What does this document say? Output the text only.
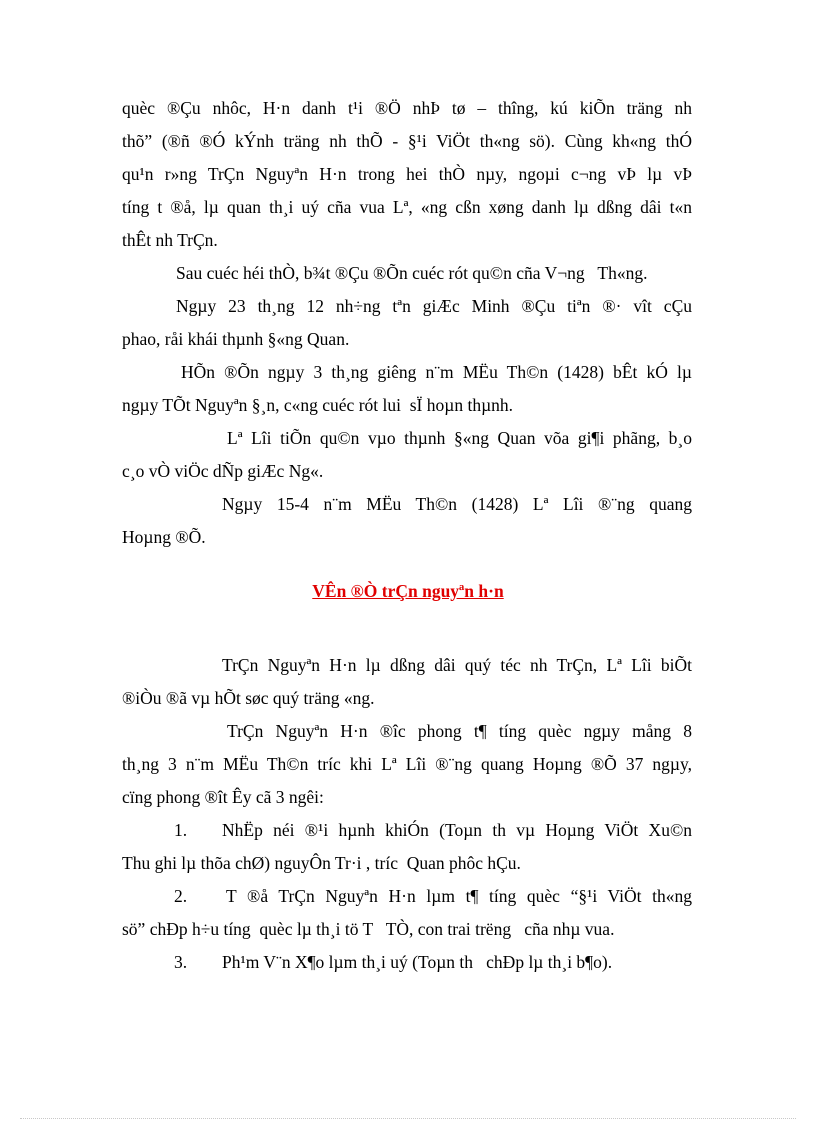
quèc ®Çu nhôc, H·n danh t¹i ®Ö nhÞ tø – thîng, kú kiÕn träng nh
thõ” (®ñ ®Ó kÝnh träng nh thÕ - §¹i ViÖt th«ng sö). Cùng kh«ng thÓ
qu¹n r»ng TrÇn Nguyªn H·n trong hei thÒ nµy, ngoµi c¬ng vÞ lµ vÞ
tíng t ®å, lµ quan th¸i uý cña vua Lª, «ng cßn xøng danh lµ dßng dâi t«n
thÊt nh TrÇn.
Sau cuéc héi thÒ, b¾t ®Çu ®Õn cuéc rót qu©n cña V¬ng   Th«ng.
Ngµy 23 th¸ng 12 nh÷ng tªn giÆc Minh ®Çu tiªn ®· vît cÇu
phao, råi khái thµnh §«ng Quan.
HÕn ®Õn ngµy 3 th¸ng giêng n¨m MËu Th©n (1428) bÊt kÓ lµ
ngµy TÕt Nguyªn §¸n, c«ng cuéc rót lui  sÏ hoµn thµnh.
Lª Lîi tiÕn qu©n vµo thµnh §«ng Quan võa gi¶i phãng, b¸o
c¸o vÒ viÖc dÑp giÆc Ng«.
Ngµy 15-4 n¨m MËu Th©n (1428) Lª Lîi ®¨ng quang
Hoµng ®Õ.
VÊn ®Ò trÇn nguyªn h·n
TrÇn Nguyªn H·n lµ dßng dâi quý téc nh TrÇn, Lª Lîi biÕt
®iÒu ®ã vµ hÕt søc quý träng «ng.
TrÇn Nguyªn H·n ®îc phong t¶ tíng quèc ngµy mång 8
th¸ng 3 n¨m MËu Th©n tríc khi Lª Lîi ®¨ng quang Hoµng ®Õ 37 ngµy,
cïng phong ®ît Êy cã 3 ngêi:
1. NhËp néi ®¹i hµnh khiÓn (Toµn th vµ Hoµng ViÖt Xu©n
Thu ghi lµ thõa chØ) nguyÔn Tr·i , tríc  Quan phôc hÇu.
2. T ®å TrÇn Nguyªn H·n lµm t¶ tíng quèc “§¹i ViÖt th«ng
sö” chÐp h÷u tíng  quèc lµ th¸i tö T   TÒ, con trai trëng   cña nhµ vua.
3. Ph¹m V¨n X¶o lµm th¸i uý (Toµn th   chÐp lµ th¸i b¶o).
